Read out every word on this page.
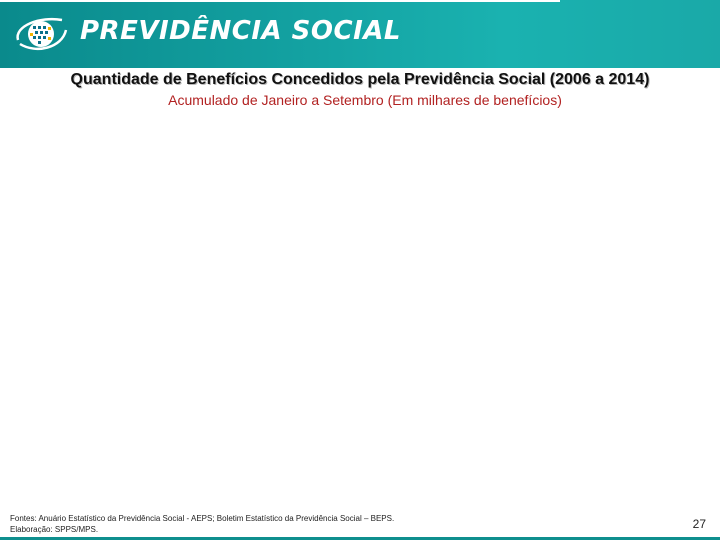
PREVIDÊNCIA SOCIAL
Quantidade de Benefícios Concedidos pela Previdência Social (2006 a 2014)
Acumulado de Janeiro a Setembro (Em milhares de benefícios)
Fontes: Anuário Estatístico da Previdência Social - AEPS; Boletim Estatístico da Previdência Social – BEPS.
Elaboração: SPPS/MPS.	27
